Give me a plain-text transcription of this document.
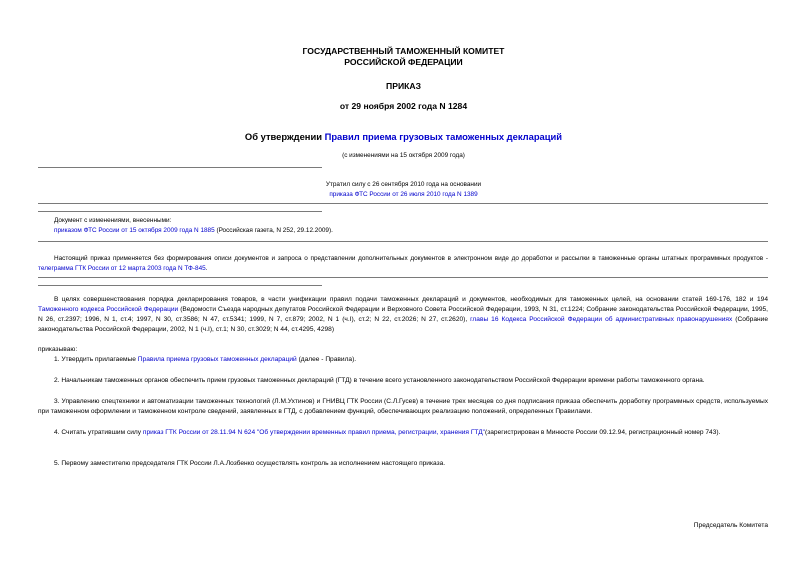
ГОСУДАРСТВЕННЫЙ ТАМОЖЕННЫЙ КОМИТЕТ
РОССИЙСКОЙ ФЕДЕРАЦИИ
ПРИКАЗ
от 29 ноября 2002 года N 1284
Об утверждении Правил приема грузовых таможенных деклараций
(с изменениями на 15 октября 2009 года)
Утратил силу с 26 сентября 2010 года на основании
приказа ФТС России от 26 июля 2010 года N 1389
Документ с изменениями, внесенными:
приказом ФТС России от 15 октября 2009 года N 1885 (Российская газета, N 252, 29.12.2009).
Настоящий приказ применяется без формирования описи документов и запроса о представлении дополнительных документов в электронном виде до доработки и рассылки в таможенные органы штатных программных продуктов - телеграмма ГТК России от 12 марта 2003 года N ТФ-845.
В целях совершенствования порядка декларирования товаров, в части унификации правил подачи таможенных деклараций и документов, необходимых для таможенных целей, на основании статей 169-176, 182 и 194 Таможенного кодекса Российской Федерации (Ведомости Съезда народных депутатов Российской Федерации и Верховного Совета Российской Федерации, 1993, N 31, ст.1224; Собрание законодательства Российской Федерации, 1995, N 26, ст.2397; 1996, N 1, ст.4; 1997, N 30, ст.3586; N 47, ст.5341; 1999, N 7, ст.879; 2002, N 1 (ч.I), ст.2; N 22, ст.2026; N 27, ст.2620), главы 16 Кодекса Российской Федерации об административных правонарушениях (Собрание законодательства Российской Федерации, 2002, N 1 (ч.I), ст.1; N 30, ст.3029; N 44, ст.4295, 4298)
приказываю:
1. Утвердить прилагаемые Правила приема грузовых таможенных деклараций (далее - Правила).
2. Начальникам таможенных органов обеспечить прием грузовых таможенных деклараций (ГТД) в течение всего установленного законодательством Российской Федерации времени работы таможенного органа.
3. Управлению спецтехники и автоматизации таможенных технологий (Л.М.Ухтинов) и ГНИВЦ ГТК России (С.Л.Гусев) в течение трех месяцев со дня подписания приказа обеспечить доработку программных средств, используемых при таможенном оформлении и таможенном контроле сведений, заявленных в ГТД, с добавлением функций, обеспечивающих реализацию положений, определенных Правилами.
4. Считать утратившим силу приказ ГТК России от 28.11.94 N 624 "Об утверждении временных правил приема, регистрации, хранения ГТД"(зарегистрирован в Минюсте России 09.12.94, регистрационный номер 743).
5. Первому заместителю председателя ГТК России Л.А.Лозбенко осуществлять контроль за исполнением настоящего приказа.
Председатель Комитета
